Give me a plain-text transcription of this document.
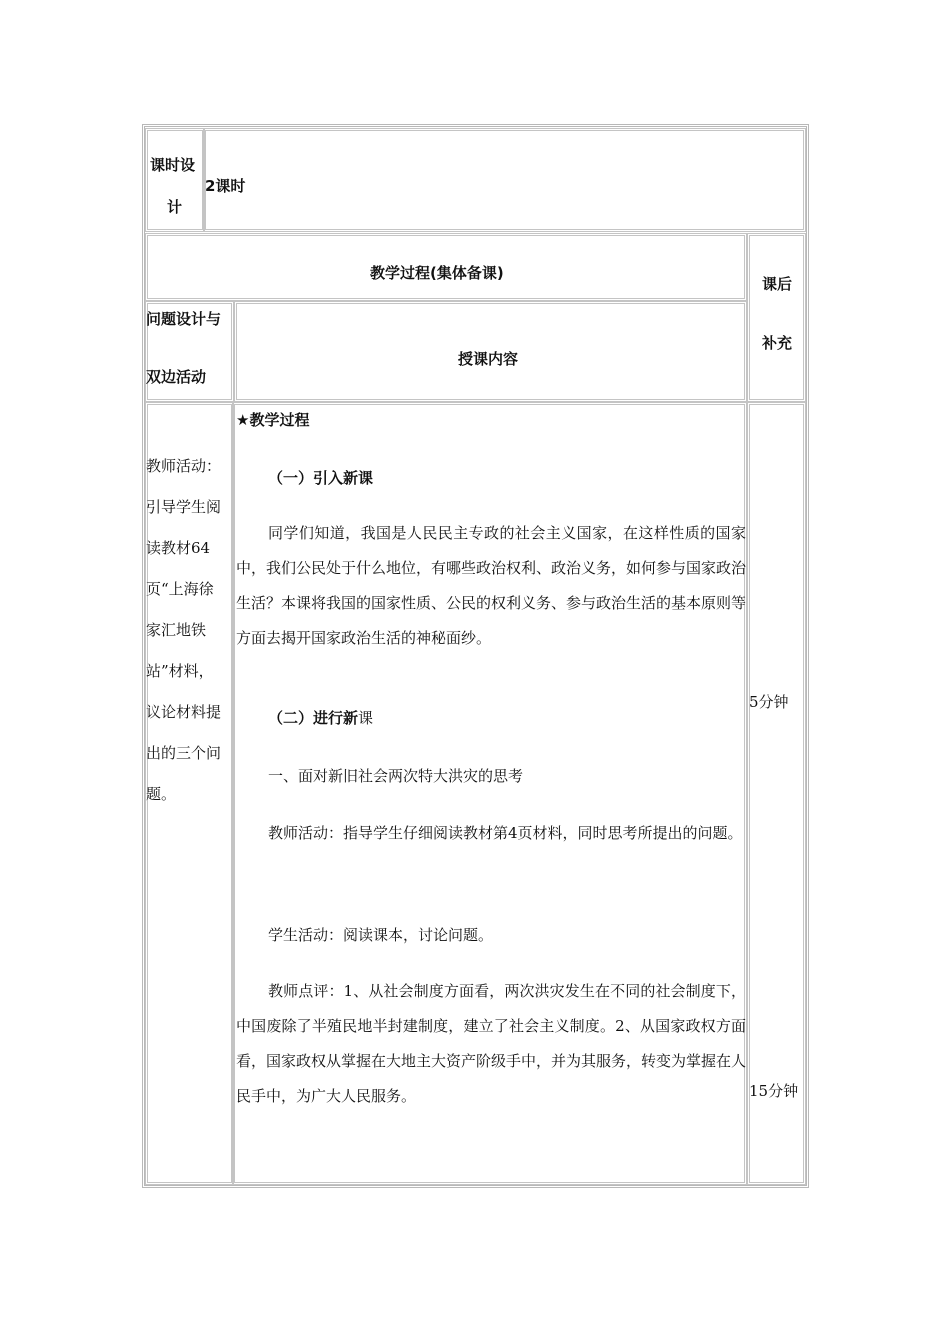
课时设
计
2课时
教学过程(集体备课)
课后
补充
问题设计与
双边活动
授课内容
教师活动：
引导学生阅
读教材64
页“上海徐
家汇地铁
站”材料，
议论材料提
出的三个问
题。
★教学过程
（一）引入新课
同学们知道，我国是人民民主专政的社会主义国家，在这样性质的国家中，我们公民处于什么地位，有哪些政治权利、政治义务，如何参与国家政治生活？本课将我国的国家性质、公民的权利义务、参与政治生活的基本原则等方面去揭开国家政治生活的神秘面纱。
（二）进行新课
一、面对新旧社会两次特大洪灾的思考
教师活动：指导学生仔细阅读教材第4页材料，同时思考所提出的问题。
学生活动：阅读课本，讨论问题。
教师点评：1、从社会制度方面看，两次洪灾发生在不同的社会制度下，中国废除了半殖民地半封建制度，建立了社会主义制度。2、从国家政权方面看，国家政权从掌握在大地主大资产阶级手中，并为其服务，转变为掌握在人民手中，为广大人民服务。
5分钟
15分钟
